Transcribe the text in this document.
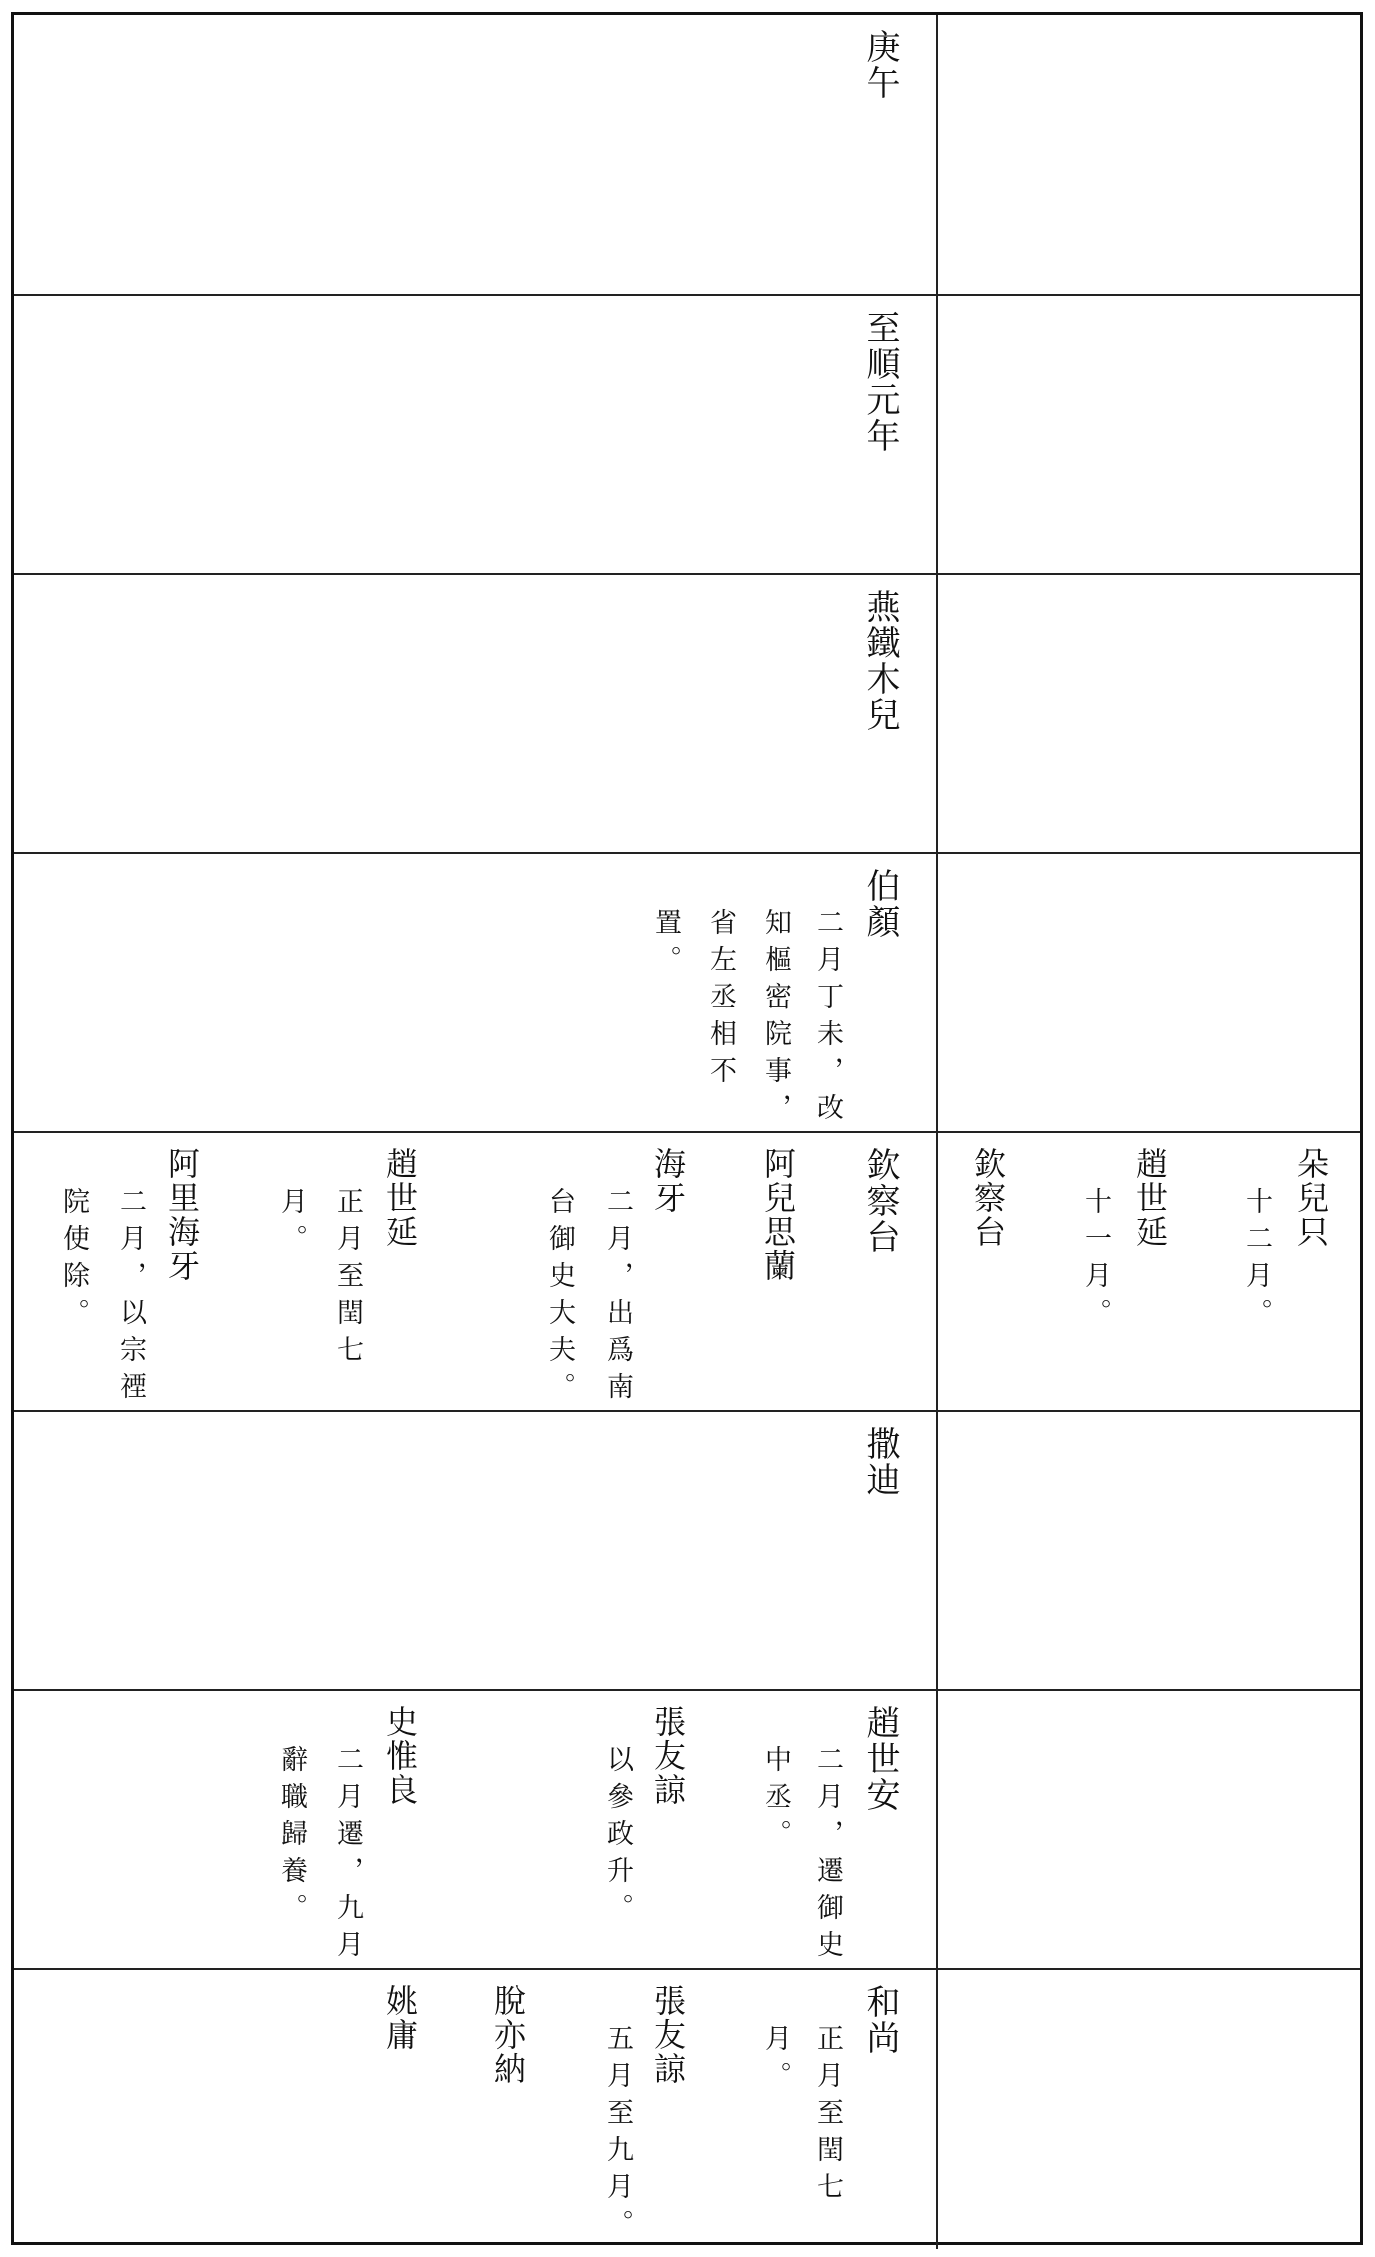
庚午
至順元年
燕鐵木兒
伯顏
二月丁未，改
知樞密院事，
省左丞相不
置。
欽察台
阿兒思蘭
海牙
二月，出爲南
台御史大夫。
趙世延
正月至閏七
月。
阿里海牙
二月，以宗禋
院使除。	朵兒只
十二月。
趙世延
十一月。
欽察台
撒迪
趙世安
二月，遷御史
中丞。
張友諒
以參政升。
史惟良
二月遷，九月
辭職歸養。
和尚
正月至閏七
月。
張友諒
五月至九月。
脫亦納
姚庸
